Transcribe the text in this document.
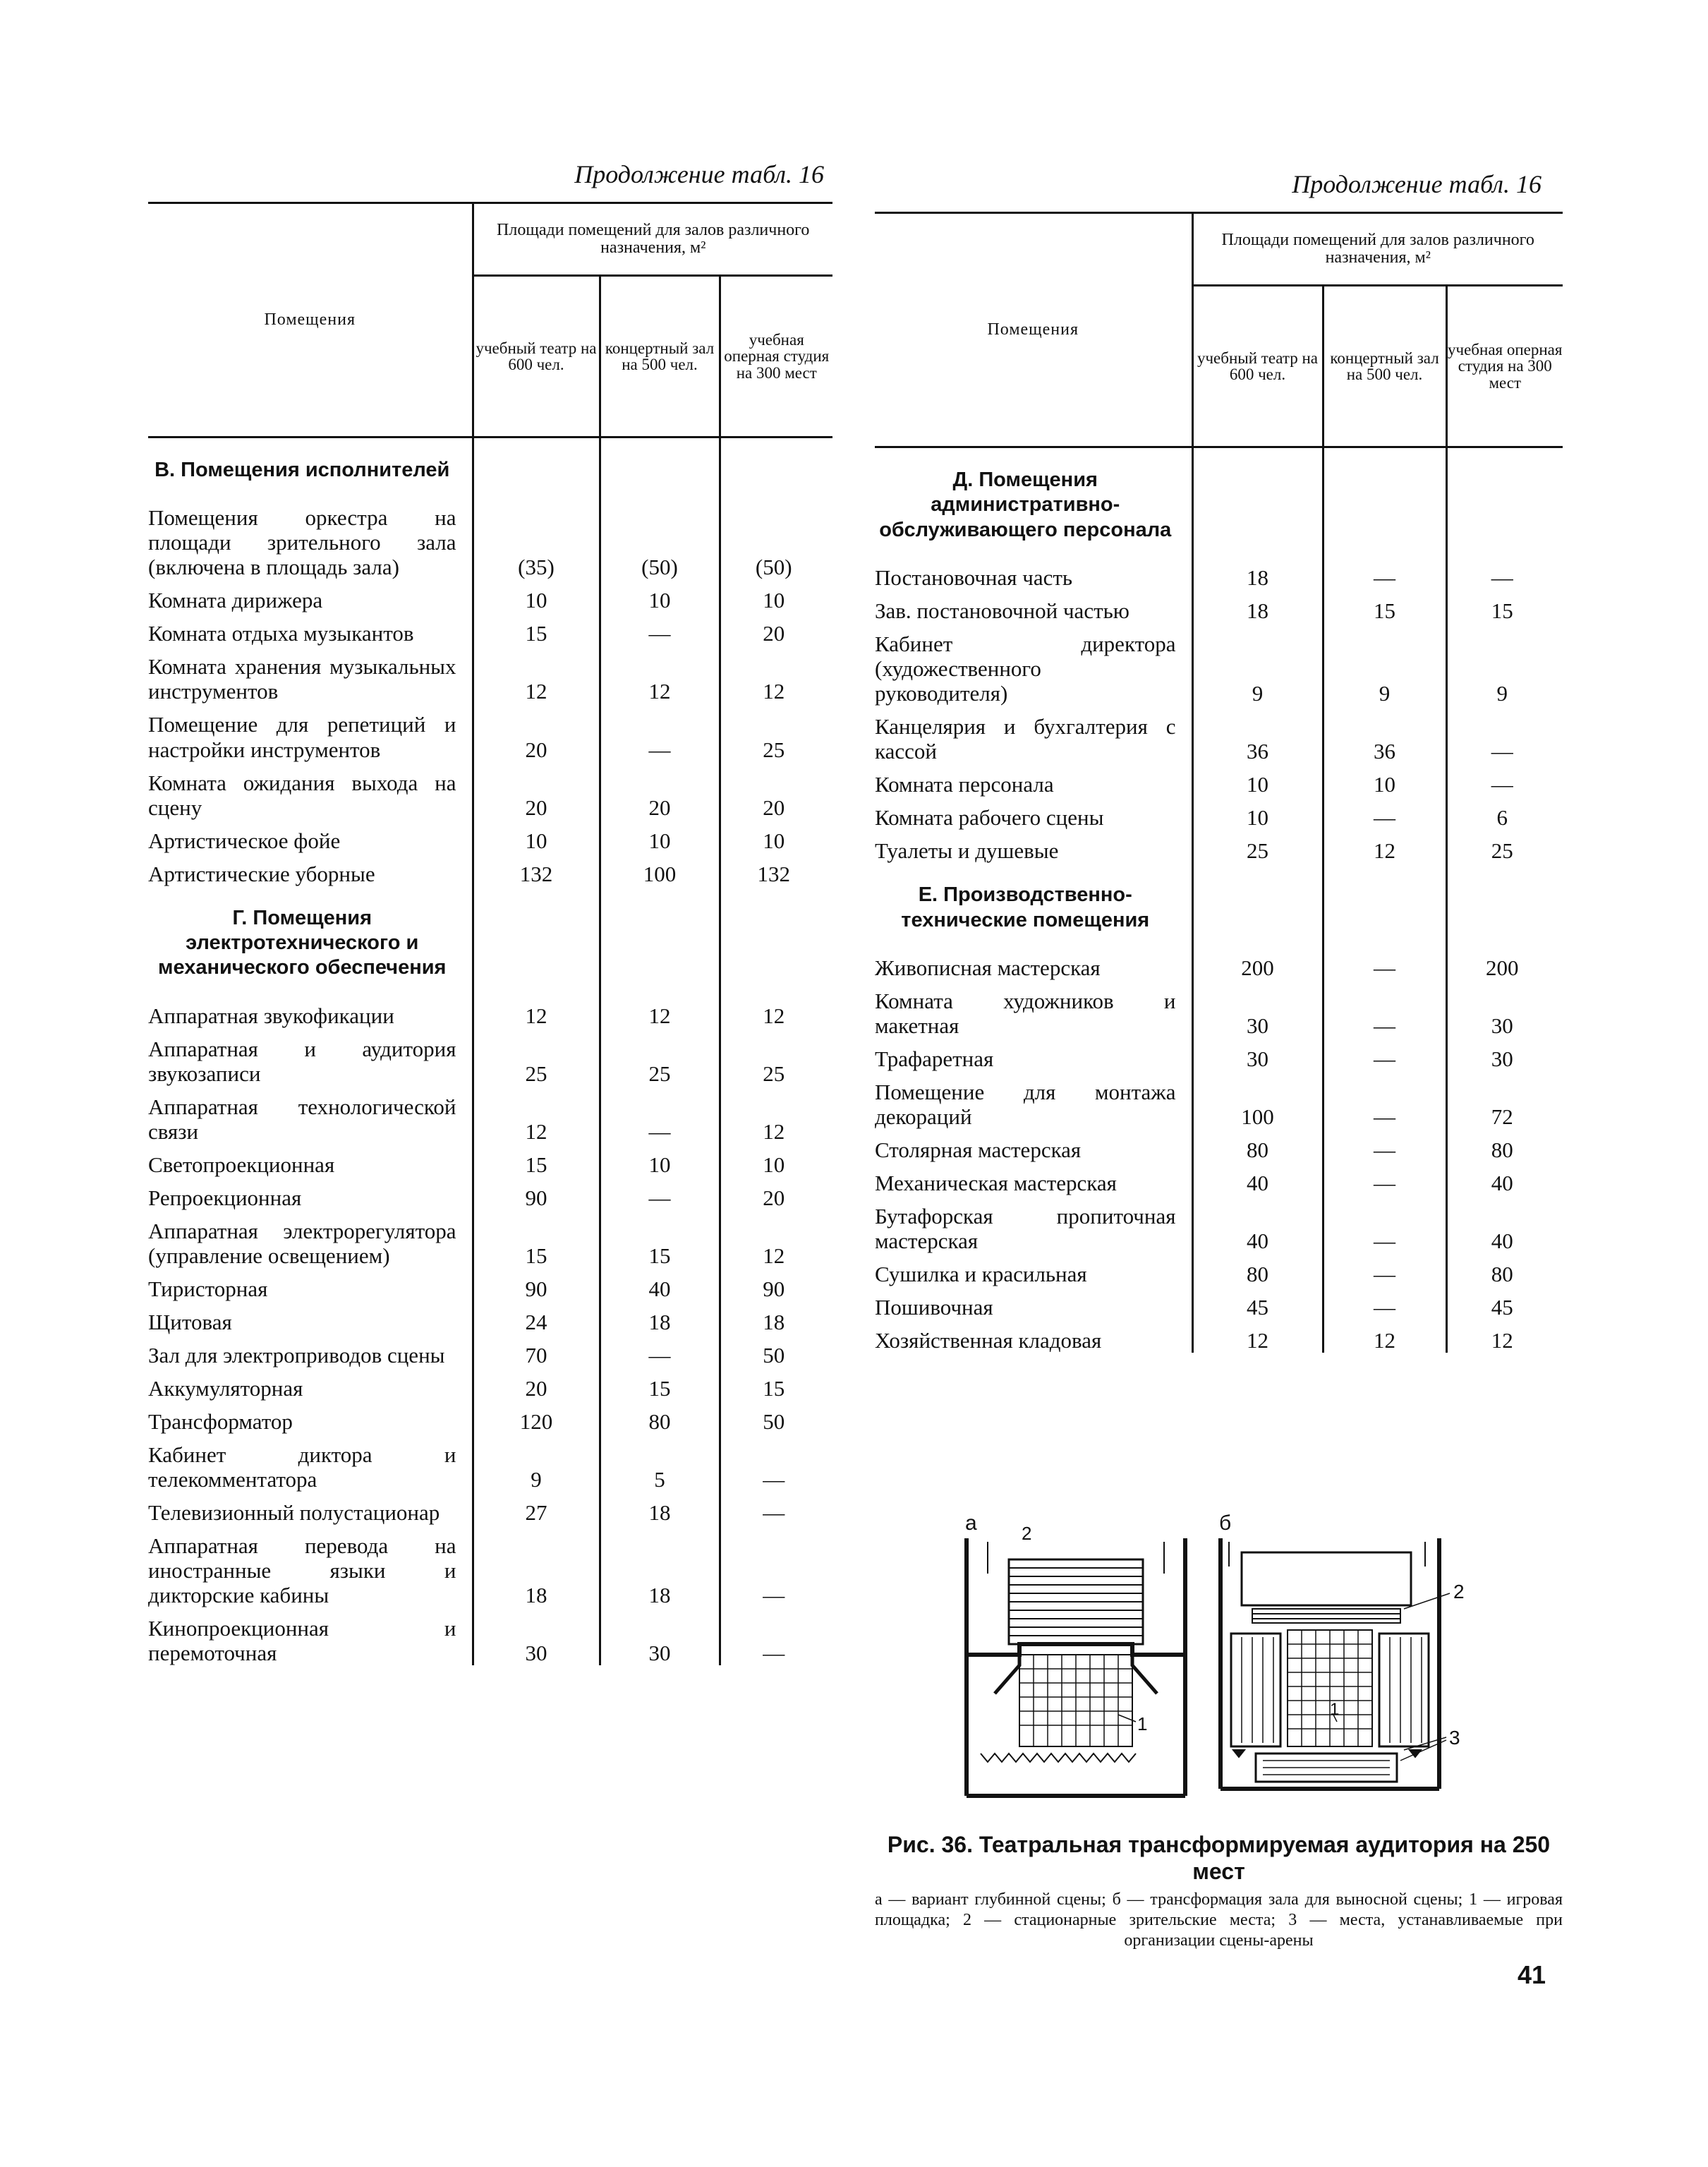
Продолжение табл. 16
Помещения	Площади помещений для залов различного назначения, м²		
	учебный театр на 600 чел.	концертный зал на 500 чел.	учебная оперная студия на 300 мест
В. Помещения исполнителей			
Помещения оркестра на площади зрительного зала (включена в площадь зала)	(35)	(50)	(50)
Комната дирижера	10	10	10
Комната отдыха музыкантов	15	—	20
Комната хранения музыкальных инструментов	12	12	12
Помещение для репетиций и настройки инструментов	20	—	25
Комната ожидания выхода на сцену	20	20	20
Артистическое фойе	10	10	10
Артистические уборные	132	100	132
Г. Помещения электротехнического и механического обеспечения			
Аппаратная звукофикации	12	12	12
Аппаратная и аудитория звукозаписи	25	25	25
Аппаратная технологической связи	12	—	12
Светопроекционная	15	10	10
Репроекционная	90	—	20
Аппаратная электрорегулятора (управление освещением)	15	15	12
Тиристорная	90	40	90
Щитовая	24	18	18
Зал для электроприводов сцены	70	—	50
Аккумуляторная	20	15	15
Трансформатор	120	80	50
Кабинет диктора и телекомментатора	9	5	—
Телевизионный полустационар	27	18	—
Аппаратная перевода на иностранные языки и дикторские кабины	18	18	—
Кинопроекционная и перемоточная	30	30	—
Продолжение табл. 16
Помещения	Площади помещений для залов различного назначения, м²		
	учебный театр на 600 чел.	концертный зал на 500 чел.	учебная оперная студия на 300 мест
Д. Помещения административно-обслуживающего персонала			
Постановочная часть	18	—	—
Зав. постановочной частью	18	15	15
Кабинет директора (художественного руководителя)	9	9	9
Канцелярия и бухгалтерия с кассой	36	36	—
Комната персонала	10	10	—
Комната рабочего сцены	10	—	6
Туалеты и душевые	25	12	25
Е. Производственно-технические помещения			
Живописная мастерская	200	—	200
Комната художников и макетная	30	—	30
Трафаретная	30	—	30
Помещение для монтажа декораций	100	—	72
Столярная мастерская	80	—	80
Механическая мастерская	40	—	40
Бутафорская пропиточная мастерская	40	—	40
Сушилка и красильная	80	—	80
Пошивочная	45	—	45
Хозяйственная кладовая	12	12	12
а 2
1
б
2
1
3
Рис. 36. Театральная трансформируемая аудитория на 250 мест
а — вариант глубинной сцены; б — трансформация зала для выносной сцены; 1 — игровая площадка; 2 — стационарные зрительские места; 3 — места, устанавливаемые при организации сцены-арены
41
